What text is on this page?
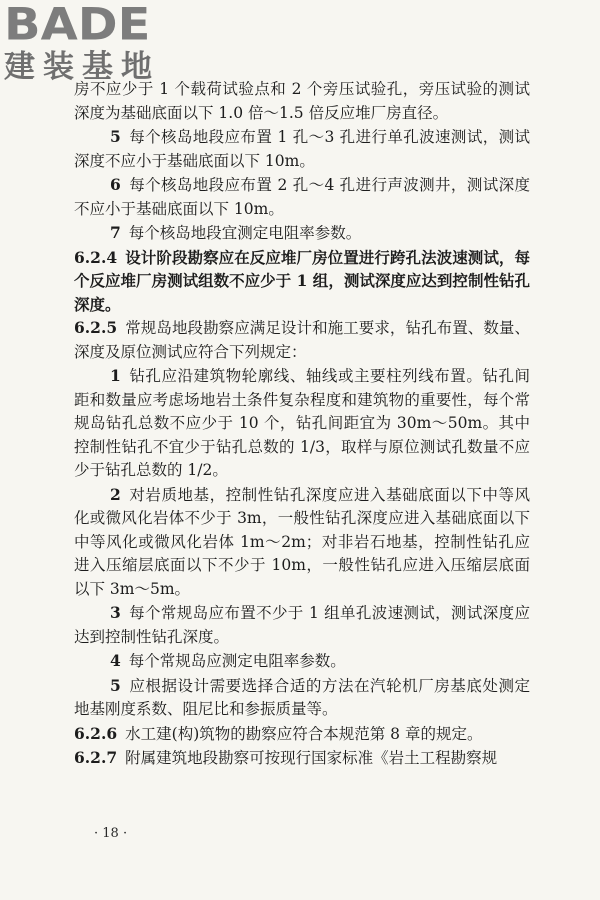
BADE
建装基地

房不应少于 1 个载荷试验点和 2 个旁压试验孔，旁压试验的测试深度为基础底面以下 1.0 倍～1.5 倍反应堆厂房直径。

5 每个核岛地段应布置 1 孔～3 孔进行单孔波速测试，测试深度不应小于基础底面以下 10m。

6 每个核岛地段应布置 2 孔～4 孔进行声波测井，测试深度不应小于基础底面以下 10m。

7 每个核岛地段宜测定电阻率参数。

6.2.4 设计阶段勘察应在反应堆厂房位置进行跨孔法波速测试，每个反应堆厂房测试组数不应少于 1 组，测试深度应达到控制性钻孔深度。

6.2.5 常规岛地段勘察应满足设计和施工要求，钻孔布置、数量、深度及原位测试应符合下列规定：

1 钻孔应沿建筑物轮廓线、轴线或主要柱列线布置。钻孔间距和数量应考虑场地岩土条件复杂程度和建筑物的重要性，每个常规岛钻孔总数不应少于 10 个，钻孔间距宜为 30m～50m。其中控制性钻孔不宜少于钻孔总数的 1/3，取样与原位测试孔数量不应少于钻孔总数的 1/2。

2 对岩质地基，控制性钻孔深度应进入基础底面以下中等风化或微风化岩体不少于 3m，一般性钻孔深度应进入基础底面以下中等风化或微风化岩体 1m～2m；对非岩石地基，控制性钻孔应进入压缩层底面以下不少于 10m，一般性钻孔应进入压缩层底面以下 3m～5m。

3 每个常规岛应布置不少于 1 组单孔波速测试，测试深度应达到控制性钻孔深度。

4 每个常规岛应测定电阻率参数。

5 应根据设计需要选择合适的方法在汽轮机厂房基底处测定地基刚度系数、阻尼比和参振质量等。

6.2.6 水工建(构)筑物的勘察应符合本规范第 8 章的规定。

6.2.7 附属建筑地段勘察可按现行国家标准《岩土工程勘察规

· 18 ·
